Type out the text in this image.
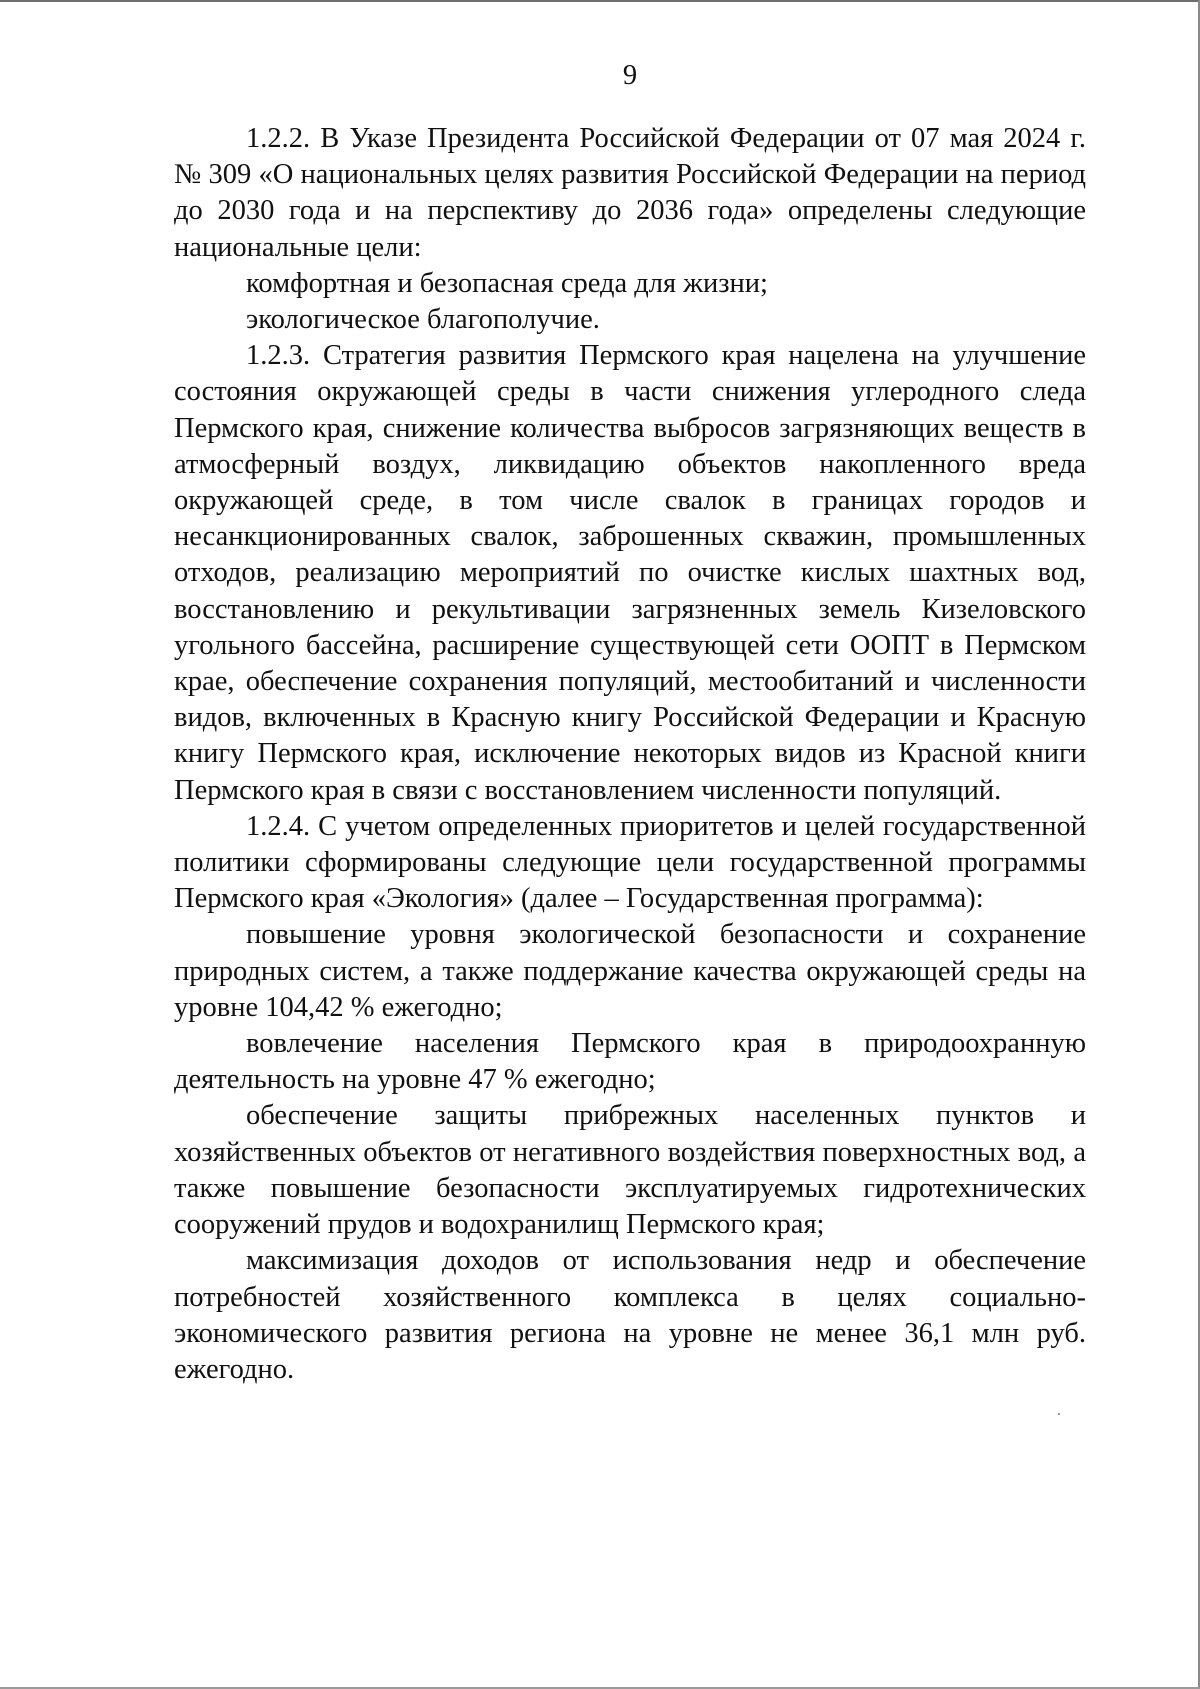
9

1.2.2. В Указе Президента Российской Федерации от 07 мая 2024 г. № 309 «О национальных целях развития Российской Федерации на период до 2030 года и на перспективу до 2036 года» определены следующие национальные цели:

комфортная и безопасная среда для жизни;

экологическое благополучие.

1.2.3. Стратегия развития Пермского края нацелена на улучшение состояния окружающей среды в части снижения углеродного следа Пермского края, снижение количества выбросов загрязняющих веществ в атмосферный воздух, ликвидацию объектов накопленного вреда окружающей среде, в том числе свалок в границах городов и несанкционированных свалок, заброшенных скважин, промышленных отходов, реализацию мероприятий по очистке кислых шахтных вод, восстановлению и рекультивации загрязненных земель Кизеловского угольного бассейна, расширение существующей сети ООПТ в Пермском крае, обеспечение сохранения популяций, местообитаний и численности видов, включенных в Красную книгу Российской Федерации и Красную книгу Пермского края, исключение некоторых видов из Красной книги Пермского края в связи с восстановлением численности популяций.

1.2.4. С учетом определенных приоритетов и целей государственной политики сформированы следующие цели государственной программы Пермского края «Экология» (далее – Государственная программа):

повышение уровня экологической безопасности и сохранение природных систем, а также поддержание качества окружающей среды на уровне 104,42 % ежегодно;

вовлечение населения Пермского края в природоохранную деятельность на уровне 47 % ежегодно;

обеспечение защиты прибрежных населенных пунктов и хозяйственных объектов от негативного воздействия поверхностных вод, а также повышение безопасности эксплуатируемых гидротехнических сооружений прудов и водохранилищ Пермского края;

максимизация доходов от использования недр и обеспечение потребностей хозяйственного комплекса в целях социально-экономического развития региона на уровне не менее 36,1 млн руб. ежегодно.
